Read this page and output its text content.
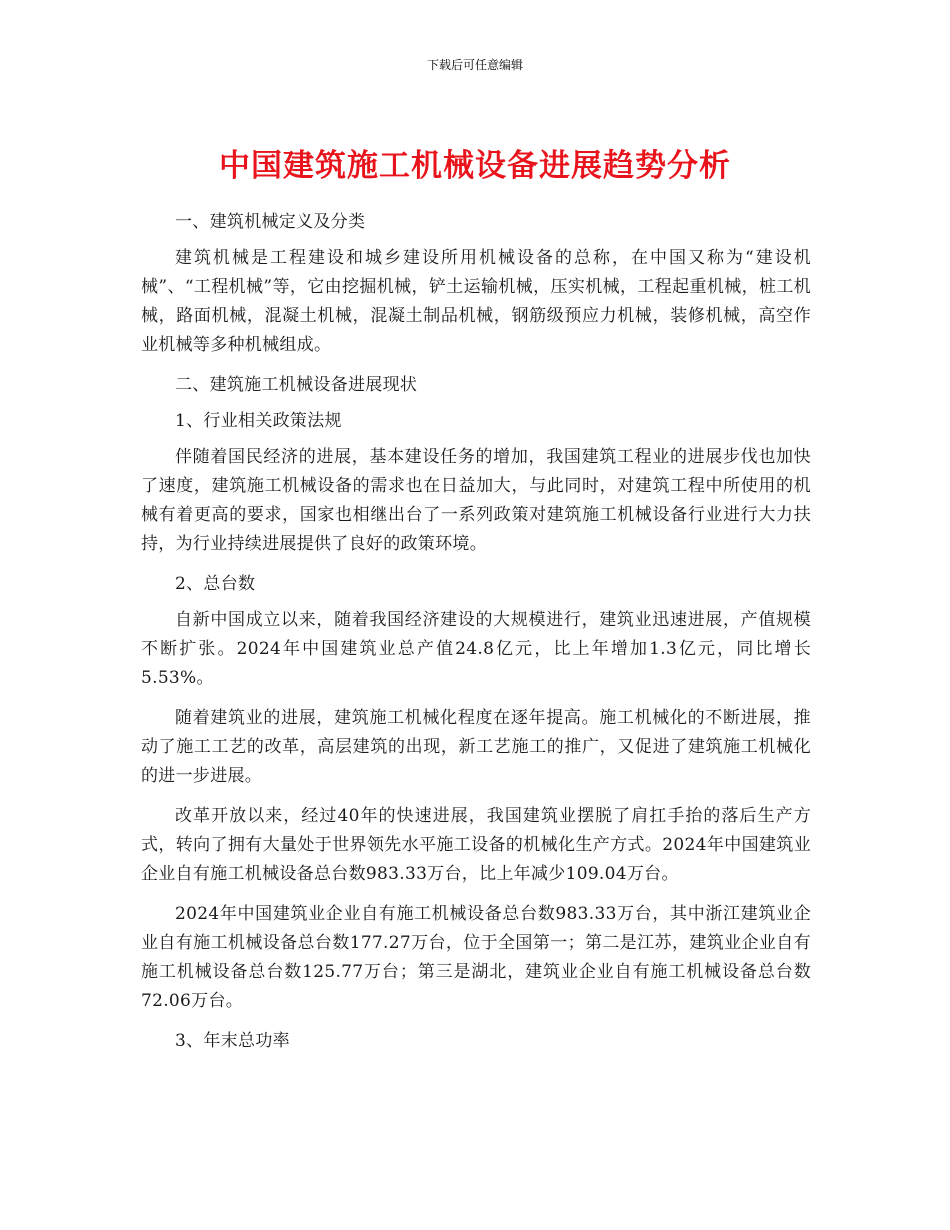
下载后可任意编辑
中国建筑施工机械设备进展趋势分析

一、建筑机械定义及分类

建筑机械是工程建设和城乡建设所用机械设备的总称，在中国又称为“建设机械”、“工程机械”等，它由挖掘机械，铲土运输机械，压实机械，工程起重机械，桩工机械，路面机械，混凝土机械，混凝土制品机械，钢筋级预应力机械，装修机械，高空作业机械等多种机械组成。

二、建筑施工机械设备进展现状

1、行业相关政策法规

伴随着国民经济的进展，基本建设任务的增加，我国建筑工程业的进展步伐也加快了速度，建筑施工机械设备的需求也在日益加大，与此同时，对建筑工程中所使用的机械有着更高的要求，国家也相继出台了一系列政策对建筑施工机械设备行业进行大力扶持，为行业持续进展提供了良好的政策环境。

2、总台数

自新中国成立以来，随着我国经济建设的大规模进行，建筑业迅速进展，产值规模不断扩张。2024年中国建筑业总产值24.8亿元，比上年增加1.3亿元，同比增长5.53%。

随着建筑业的进展，建筑施工机械化程度在逐年提高。施工机械化的不断进展，推动了施工工艺的改革，高层建筑的出现，新工艺施工的推广，又促进了建筑施工机械化的进一步进展。

改革开放以来，经过40年的快速进展，我国建筑业摆脱了肩扛手抬的落后生产方式，转向了拥有大量处于世界领先水平施工设备的机械化生产方式。2024年中国建筑业企业自有施工机械设备总台数983.33万台，比上年减少109.04万台。

2024年中国建筑业企业自有施工机械设备总台数983.33万台，其中浙江建筑业企业自有施工机械设备总台数177.27万台，位于全国第一；第二是江苏，建筑业企业自有施工机械设备总台数125.77万台；第三是湖北，建筑业企业自有施工机械设备总台数72.06万台。

3、年末总功率
